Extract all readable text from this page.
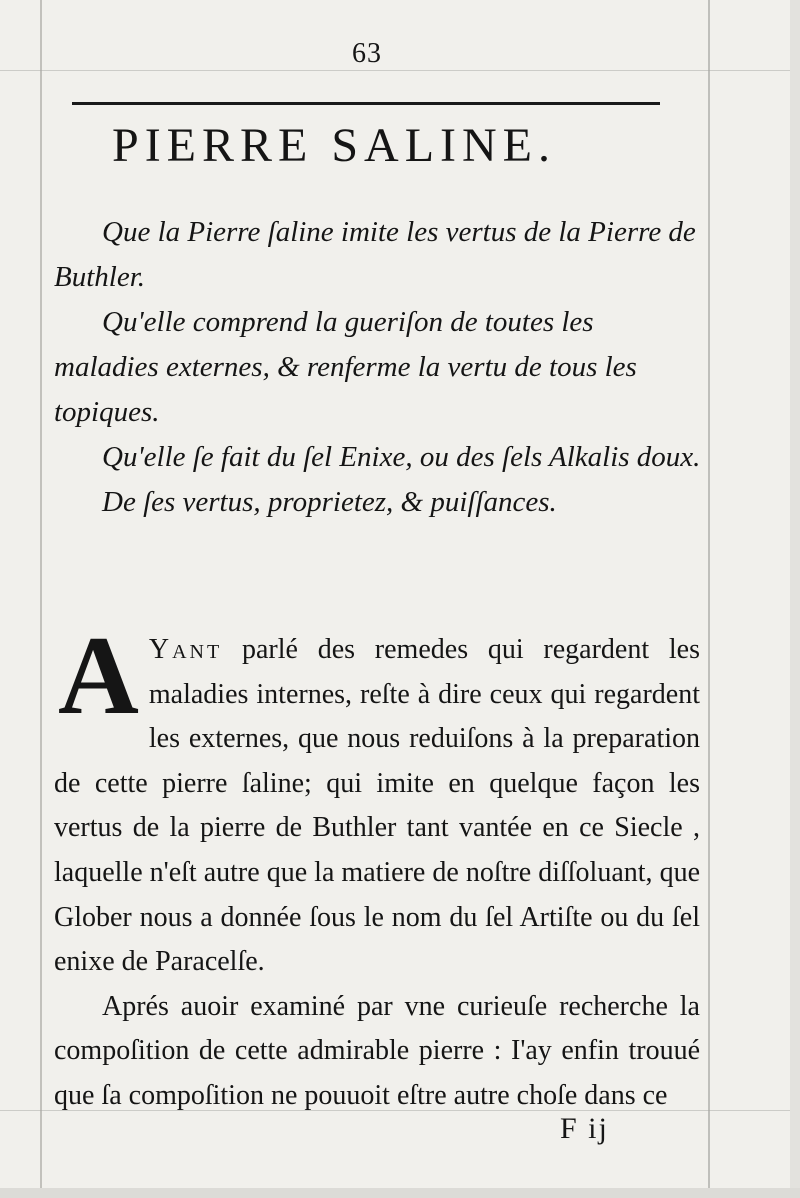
63
PIERRE SALINE.

Que la Pierre ſaline imite les vertus de la Pierre de Buthler.

Qu'elle comprend la gueriſon de toutes les maladies externes, & renferme la vertu de tous les topiques.

Qu'elle ſe fait du ſel Enixe, ou des ſels Alkalis doux.

De ſes vertus, proprietez, & puiſſances.

A Yant parlé des remedes qui regardent les maladies internes, reſte à dire ceux qui regardent les externes, que nous reduiſons à la preparation de cette pierre ſaline; qui imite en quelque façon les vertus de la pierre de Buthler tant vantée en ce Siecle , laquelle n'eſt autre que la matiere de noſtre diſſoluant, que Glober nous a donnée ſous le nom du ſel Artiſte ou du ſel enixe de Paracelſe.

Aprés auoir examiné par vne curieuſe recherche la compoſition de cette admirable pierre : I'ay enfin trouué que ſa compoſition ne pouuoit eſtre autre choſe dans ce

F ij
